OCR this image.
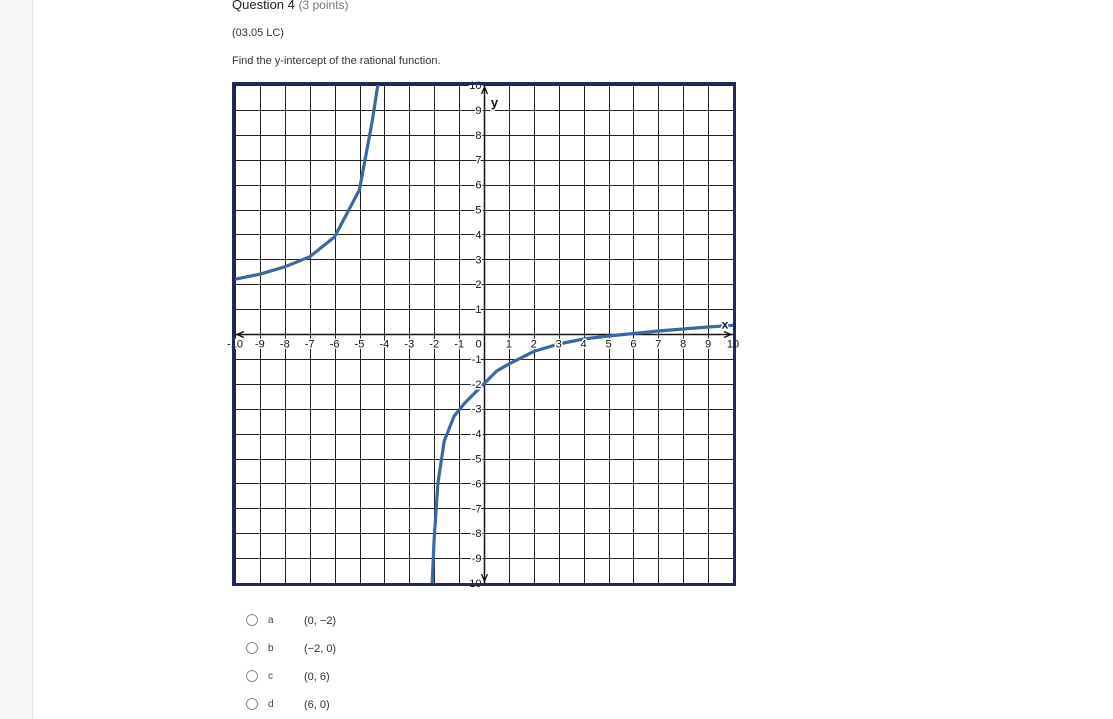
Question 4 (3 points)
(03.05 LC)
Find the y-intercept of the rational function.
-10 -9 -8 -7 -6 -5 -4 -3 -2 -1	1 2 3 4 5 6 7 8 9 10
0
10
9
8
7
6
5
4
3
2
1
-1
-2
-3
-4
-5
-6
-7
-8
-9
-10
y
x
a	(0, −2)
b	(−2, 0)
c	(0, 6)
d	(6, 0)
